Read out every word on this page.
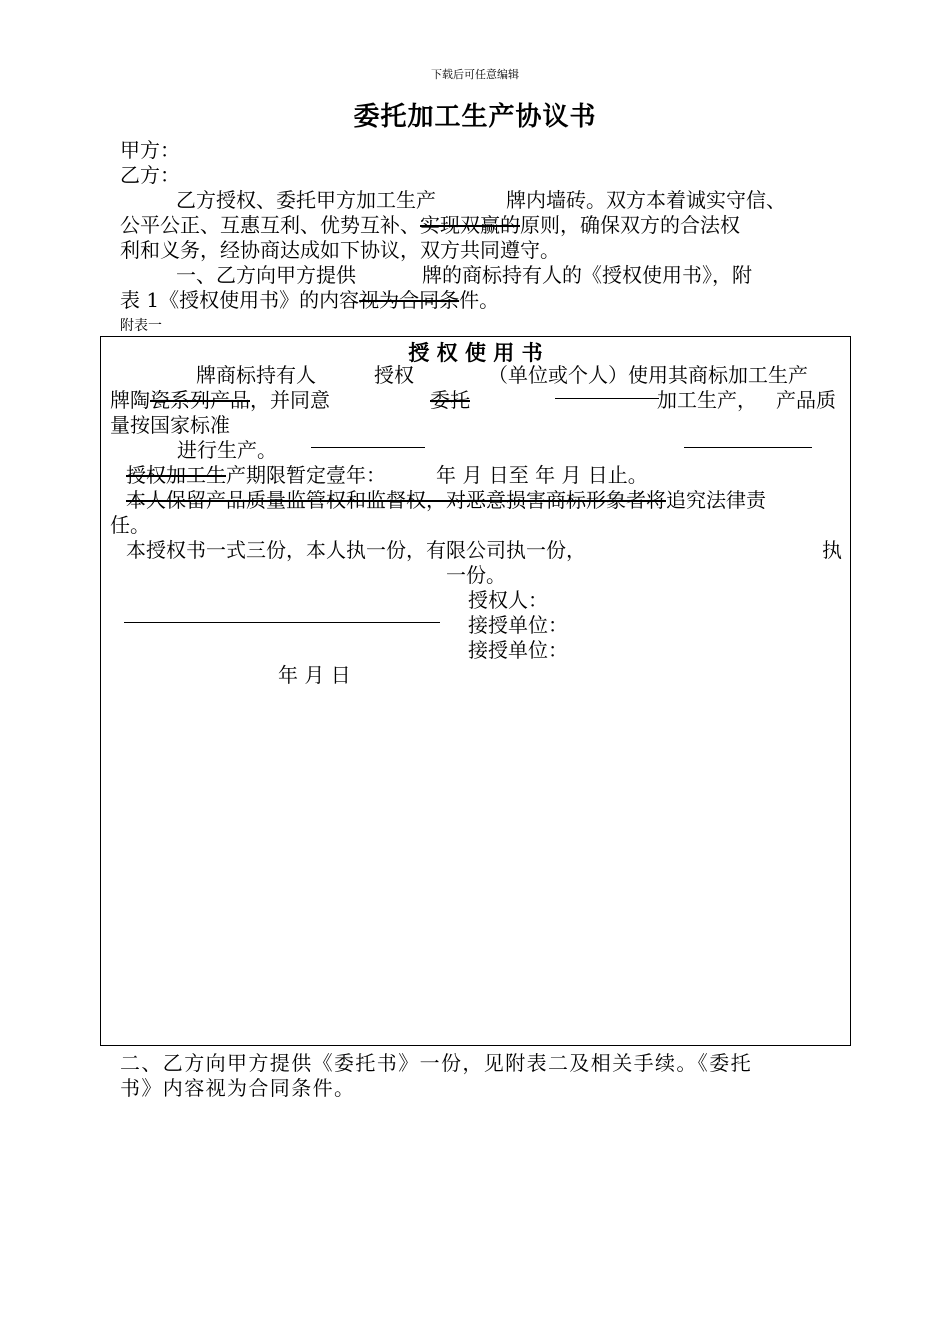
下载后可任意编辑
委托加工生产协议书
甲方：
乙方：
乙方授权、委托甲方加工生产	牌内墙砖。双方本着诚实守信、
公平公正、互惠互利、优势互补、实现双赢的原则，确保双方的合法权
利和义务，经协商达成如下协议，双方共同遵守。
一、乙方向甲方提供	牌的商标持有人的《授权使用书》，附
表 1《授权使用书》的内容视为合同条件。
附表一
授 权 使 用 书
牌商标持有人	授权	（单位或个人）使用其商标加工生产
牌陶瓷系列产品，并同意	委托	加工生产， 产品质
量按国家标准
进行生产。
授权加工生产期限暂定壹年：	年 月 日至 年 月 日止。
本人保留产品质量监管权和监督权，对恶意损害商标形象者将追究法律责
任。
本授权书一式三份，本人执一份，有限公司执一份，	执
一份。
授权人：
接授单位：
接授单位：
年 月 日
二、乙方向甲方提供《委托书》一份，见附表二及相关手续。《委托
书》内容视为合同条件。
